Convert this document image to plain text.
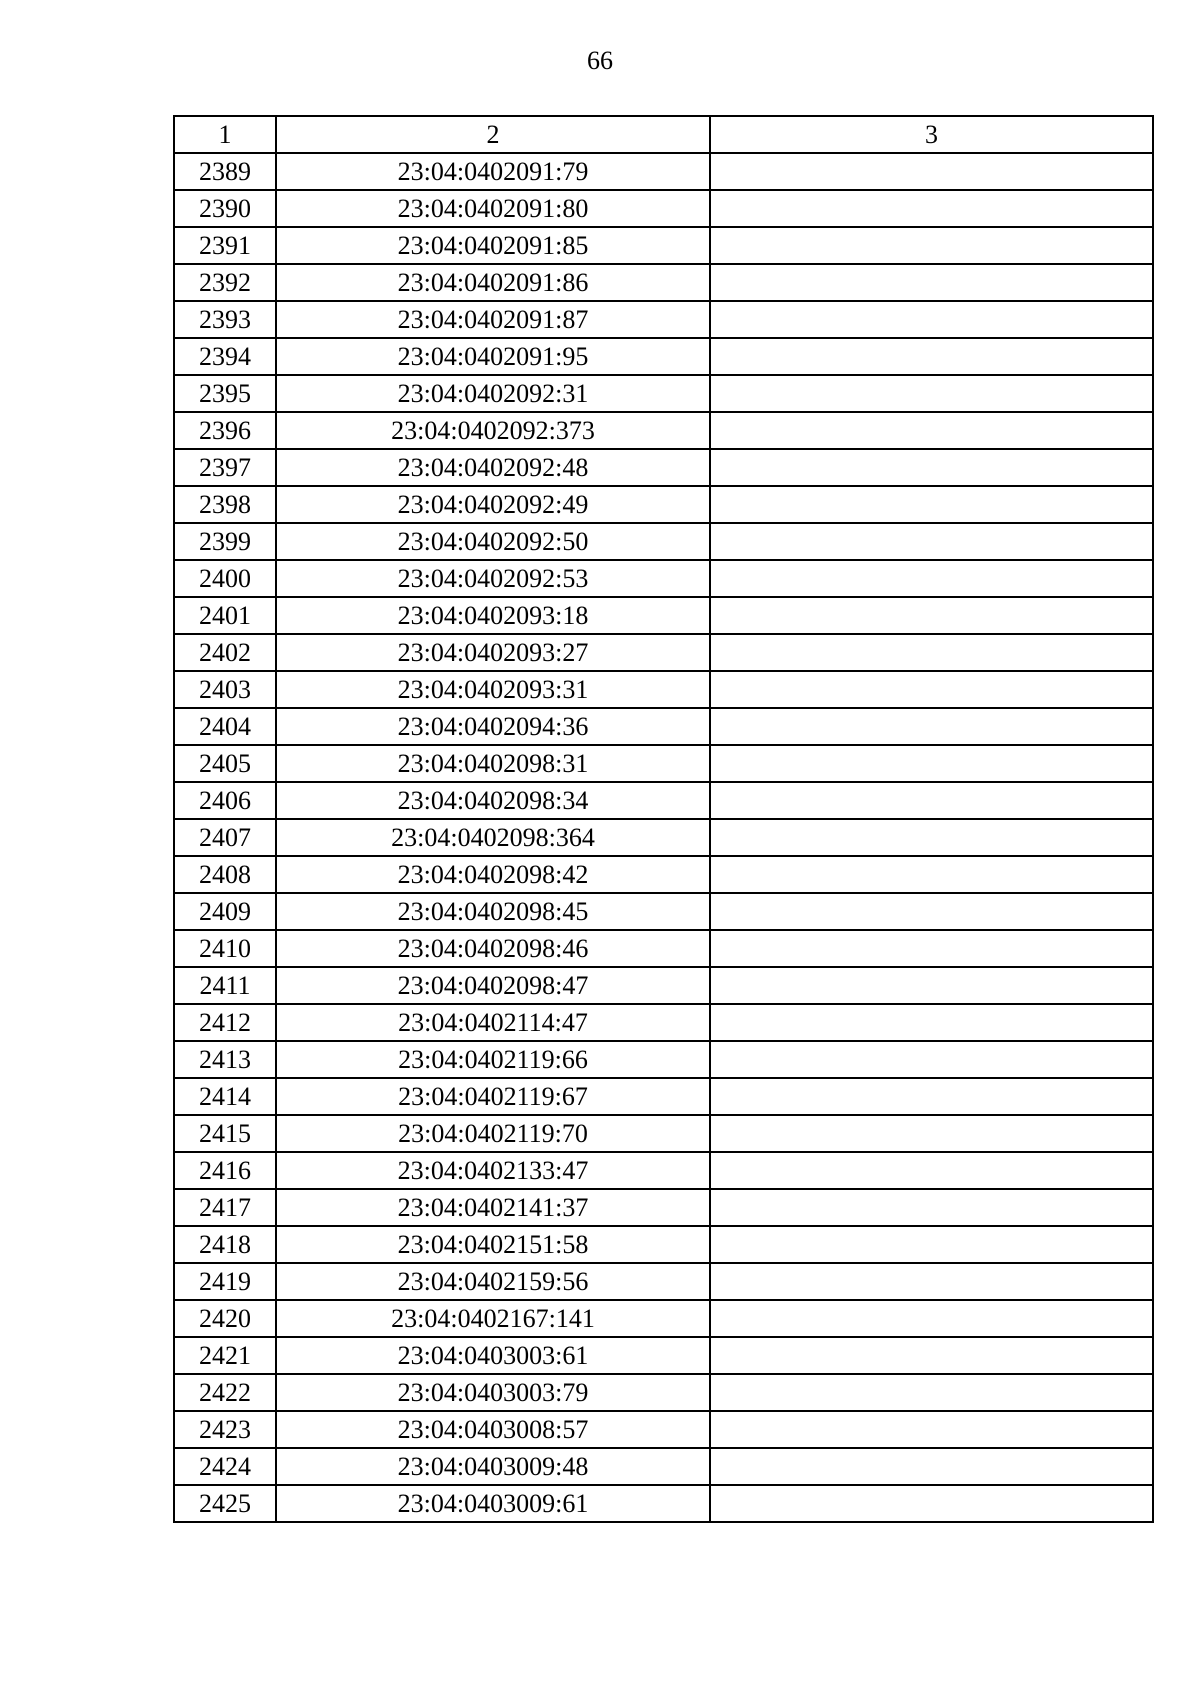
66
1	2	3
2389	23:04:0402091:79	
2390	23:04:0402091:80	
2391	23:04:0402091:85	
2392	23:04:0402091:86	
2393	23:04:0402091:87	
2394	23:04:0402091:95	
2395	23:04:0402092:31	
2396	23:04:0402092:373	
2397	23:04:0402092:48	
2398	23:04:0402092:49	
2399	23:04:0402092:50	
2400	23:04:0402092:53	
2401	23:04:0402093:18	
2402	23:04:0402093:27	
2403	23:04:0402093:31	
2404	23:04:0402094:36	
2405	23:04:0402098:31	
2406	23:04:0402098:34	
2407	23:04:0402098:364	
2408	23:04:0402098:42	
2409	23:04:0402098:45	
2410	23:04:0402098:46	
2411	23:04:0402098:47	
2412	23:04:0402114:47	
2413	23:04:0402119:66	
2414	23:04:0402119:67	
2415	23:04:0402119:70	
2416	23:04:0402133:47	
2417	23:04:0402141:37	
2418	23:04:0402151:58	
2419	23:04:0402159:56	
2420	23:04:0402167:141	
2421	23:04:0403003:61	
2422	23:04:0403003:79	
2423	23:04:0403008:57	
2424	23:04:0403009:48	
2425	23:04:0403009:61	
